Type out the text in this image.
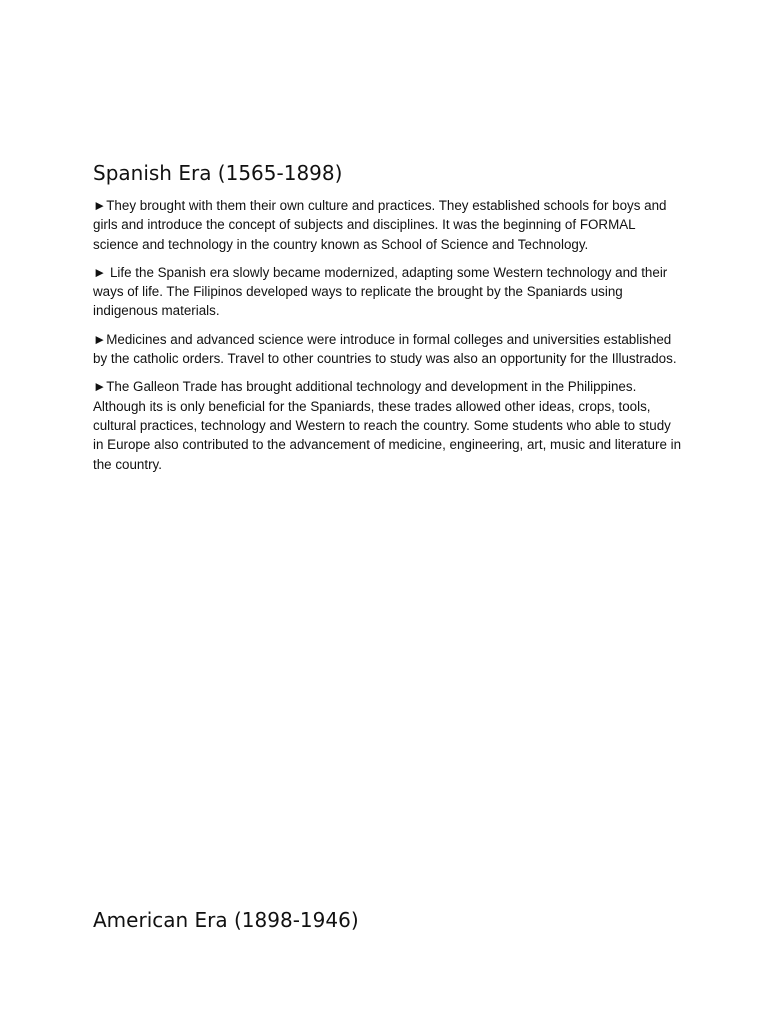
Spanish Era (1565-1898)

►They brought with them their own culture and practices. They established schools for boys and girls and introduce the concept of subjects and disciplines. It was the beginning of FORMAL science and technology in the country known as School of Science and Technology.

► Life the Spanish era slowly became modernized, adapting some Western technology and their ways of life. The Filipinos developed ways to replicate the brought by the Spaniards using indigenous materials.

►Medicines and advanced science were introduce in formal colleges and universities established by the catholic orders. Travel to other countries to study was also an opportunity for the Illustrados.

►The Galleon Trade has brought additional technology and development in the Philippines. Although its is only beneficial for the Spaniards, these trades allowed other ideas, crops, tools, cultural practices, technology and Western to reach the country. Some students who able to study in Europe also contributed to the advancement of medicine, engineering, art, music and literature in the country.

American Era (1898-1946)
